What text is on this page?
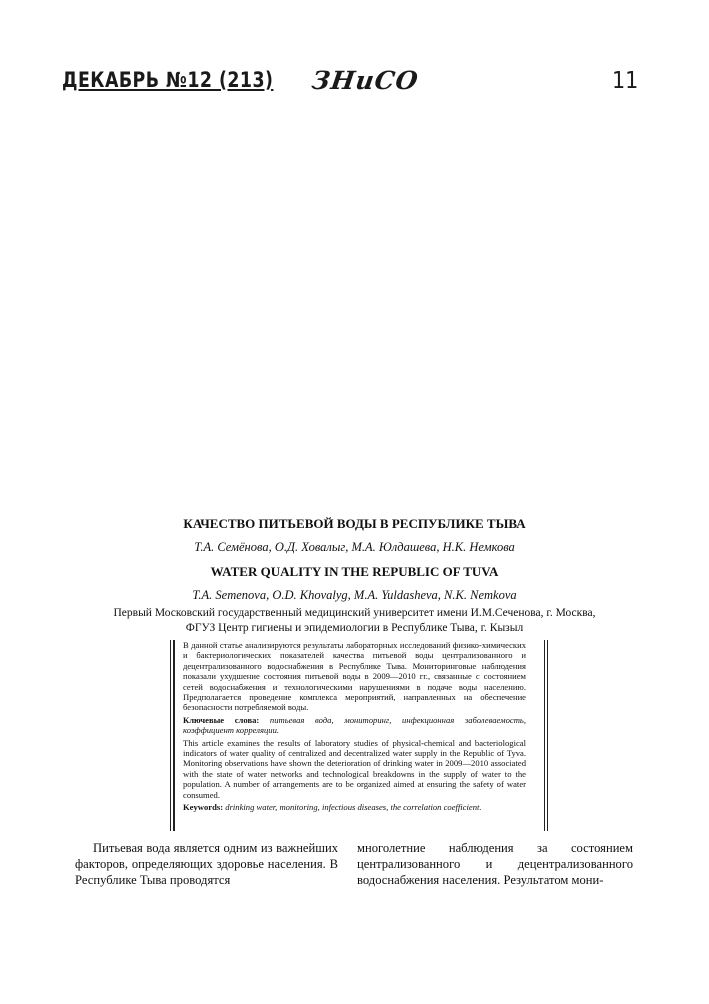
ДЕКАБРЬ №12 (213) ЗНиСО	11
КАЧЕСТВО ПИТЬЕВОЙ ВОДЫ В РЕСПУБЛИКЕ ТЫВА
Т.А. Семёнова, О.Д. Ховалыг, М.А. Юлдашева, Н.К. Немкова
WATER QUALITY IN THE REPUBLIC OF TUVA
T.A. Semenova, O.D. Khovalyg, M.A. Yuldasheva, N.K. Nemkova
Первый Московский государственный медицинский университет имени И.М.Сеченова, г. Москва,
ФГУЗ Центр гигиены и эпидемиологии в Республике Тыва, г. Кызыл

В данной статье анализируются результаты лабораторных исследований физико-химических и бактериологических показателей качества питьевой воды централизованного и децентрализованного водоснабжения в Республике Тыва. Мониторинговые наблюдения показали ухудшение состояния питьевой воды в 2009—2010 гг., связанные с состоянием сетей водоснабжения и технологическими нарушениями в подаче воды населению. Предполагается проведение комплекса мероприятий, направленных на обеспечение безопасности потребляемой воды.

Ключевые слова: питьевая вода, мониторинг, инфекционная заболеваемость, коэффициент корреляции.

This article examines the results of laboratory studies of physical-chemical and bacteriological indicators of water quality of centralized and decentralized water supply in the Republic of Tyva. Monitoring observations have shown the deterioration of drinking water in 2009—2010 associated with the state of water networks and technological breakdowns in the supply of water to the population. A number of arrangements are to be organized aimed at ensuring the safety of water consumed.

Keywords: drinking water, monitoring, infectious diseases, the correlation coefficient.

Питьевая вода является одним из важнейших факторов, определяющих здоровье населения. В Республике Тыва проводятся

многолетние наблюдения за состоянием централизованного и децентрализованного водоснабжения населения. Результатом мони-
